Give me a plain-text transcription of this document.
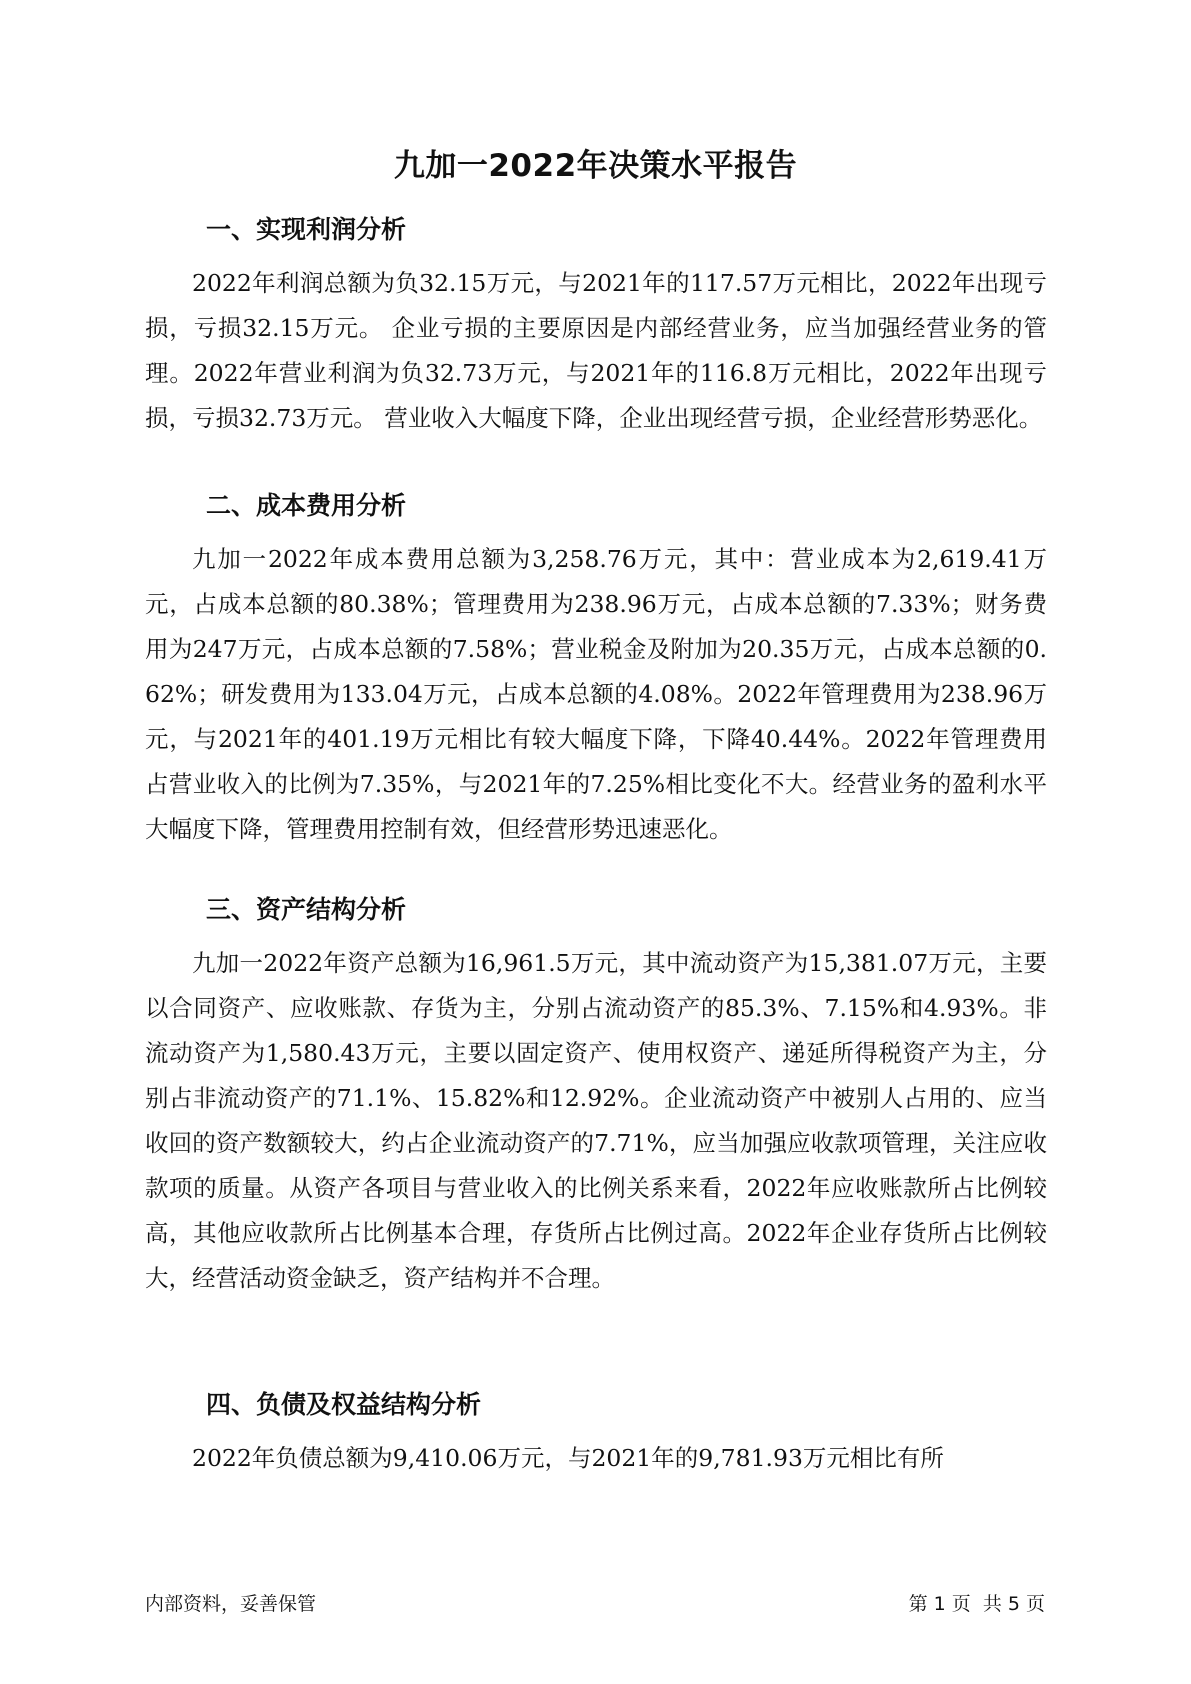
九加一2022年决策水平报告
一、实现利润分析

2022年利润总额为负32.15万元，与2021年的117.57万元相比，2022年出现亏损，亏损32.15万元。 企业亏损的主要原因是内部经营业务，应当加强经营业务的管理。2022年营业利润为负32.73万元，与2021年的116.8万元相比，2022年出现亏损，亏损32.73万元。 营业收入大幅度下降，企业出现经营亏损，企业经营形势恶化。

二、成本费用分析

九加一2022年成本费用总额为3,258.76万元，其中：营业成本为2,619.41万元，占成本总额的80.38%；管理费用为238.96万元，占成本总额的7.33%；财务费用为247万元，占成本总额的7.58%；营业税金及附加为20.35万元，占成本总额的0.62%；研发费用为133.04万元，占成本总额的4.08%。2022年管理费用为238.96万元，与2021年的401.19万元相比有较大幅度下降，下降40.44%。2022年管理费用占营业收入的比例为7.35%，与2021年的7.25%相比变化不大。经营业务的盈利水平大幅度下降，管理费用控制有效，但经营形势迅速恶化。

三、资产结构分析

九加一2022年资产总额为16,961.5万元，其中流动资产为15,381.07万元，主要以合同资产、应收账款、存货为主，分别占流动资产的85.3%、7.15%和4.93%。非流动资产为1,580.43万元，主要以固定资产、使用权资产、递延所得税资产为主，分别占非流动资产的71.1%、15.82%和12.92%。企业流动资产中被别人占用的、应当收回的资产数额较大，约占企业流动资产的7.71%，应当加强应收款项管理，关注应收款项的质量。从资产各项目与营业收入的比例关系来看，2022年应收账款所占比例较高，其他应收款所占比例基本合理，存货所占比例过高。2022年企业存货所占比例较大，经营活动资金缺乏，资产结构并不合理。

四、负债及权益结构分析

2022年负债总额为9,410.06万元，与2021年的9,781.93万元相比有所

内部资料，妥善保管	第 1 页  共 5 页
